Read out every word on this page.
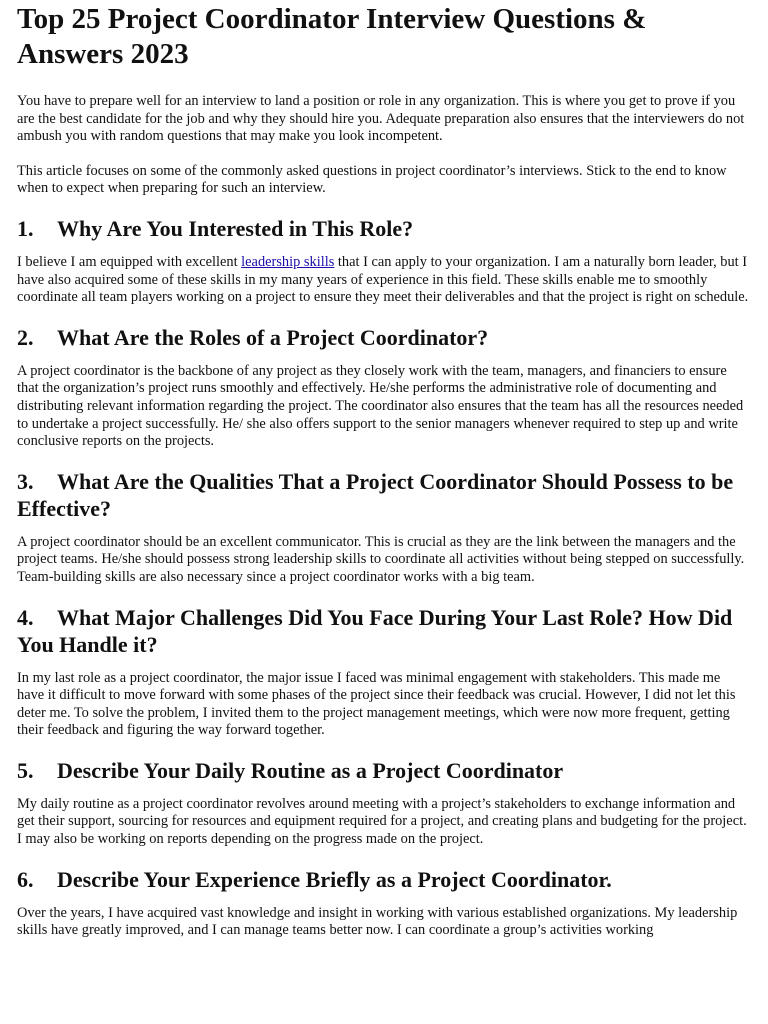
Top 25 Project Coordinator Interview Questions & Answers 2023

You have to prepare well for an interview to land a position or role in any organization. This is where you get to prove if you are the best candidate for the job and why they should hire you. Adequate preparation also ensures that the interviewers do not ambush you with random questions that may make you look incompetent.

This article focuses on some of the commonly asked questions in project coordinator’s interviews. Stick to the end to know when to expect when preparing for such an interview.

1. Why Are You Interested in This Role?

I believe I am equipped with excellent leadership skills that I can apply to your organization. I am a naturally born leader, but I have also acquired some of these skills in my many years of experience in this field. These skills enable me to smoothly coordinate all team players working on a project to ensure they meet their deliverables and that the project is right on schedule.

2. What Are the Roles of a Project Coordinator?

A project coordinator is the backbone of any project as they closely work with the team, managers, and financiers to ensure that the organization’s project runs smoothly and effectively. He/she performs the administrative role of documenting and distributing relevant information regarding the project. The coordinator also ensures that the team has all the resources needed to undertake a project successfully. He/ she also offers support to the senior managers whenever required to step up and write conclusive reports on the projects.

3. What Are the Qualities That a Project Coordinator Should Possess to be Effective?

A project coordinator should be an excellent communicator. This is crucial as they are the link between the managers and the project teams. He/she should possess strong leadership skills to coordinate all activities without being stepped on successfully. Team-building skills are also necessary since a project coordinator works with a big team.

4. What Major Challenges Did You Face During Your Last Role? How Did You Handle it?

In my last role as a project coordinator, the major issue I faced was minimal engagement with stakeholders. This made me have it difficult to move forward with some phases of the project since their feedback was crucial. However, I did not let this deter me. To solve the problem, I invited them to the project management meetings, which were now more frequent, getting their feedback and figuring the way forward together.

5. Describe Your Daily Routine as a Project Coordinator

My daily routine as a project coordinator revolves around meeting with a project’s stakeholders to exchange information and get their support, sourcing for resources and equipment required for a project, and creating plans and budgeting for the project. I may also be working on reports depending on the progress made on the project.

6. Describe Your Experience Briefly as a Project Coordinator.

Over the years, I have acquired vast knowledge and insight in working with various established organizations. My leadership skills have greatly improved, and I can manage teams better now. I can coordinate a group’s activities working
